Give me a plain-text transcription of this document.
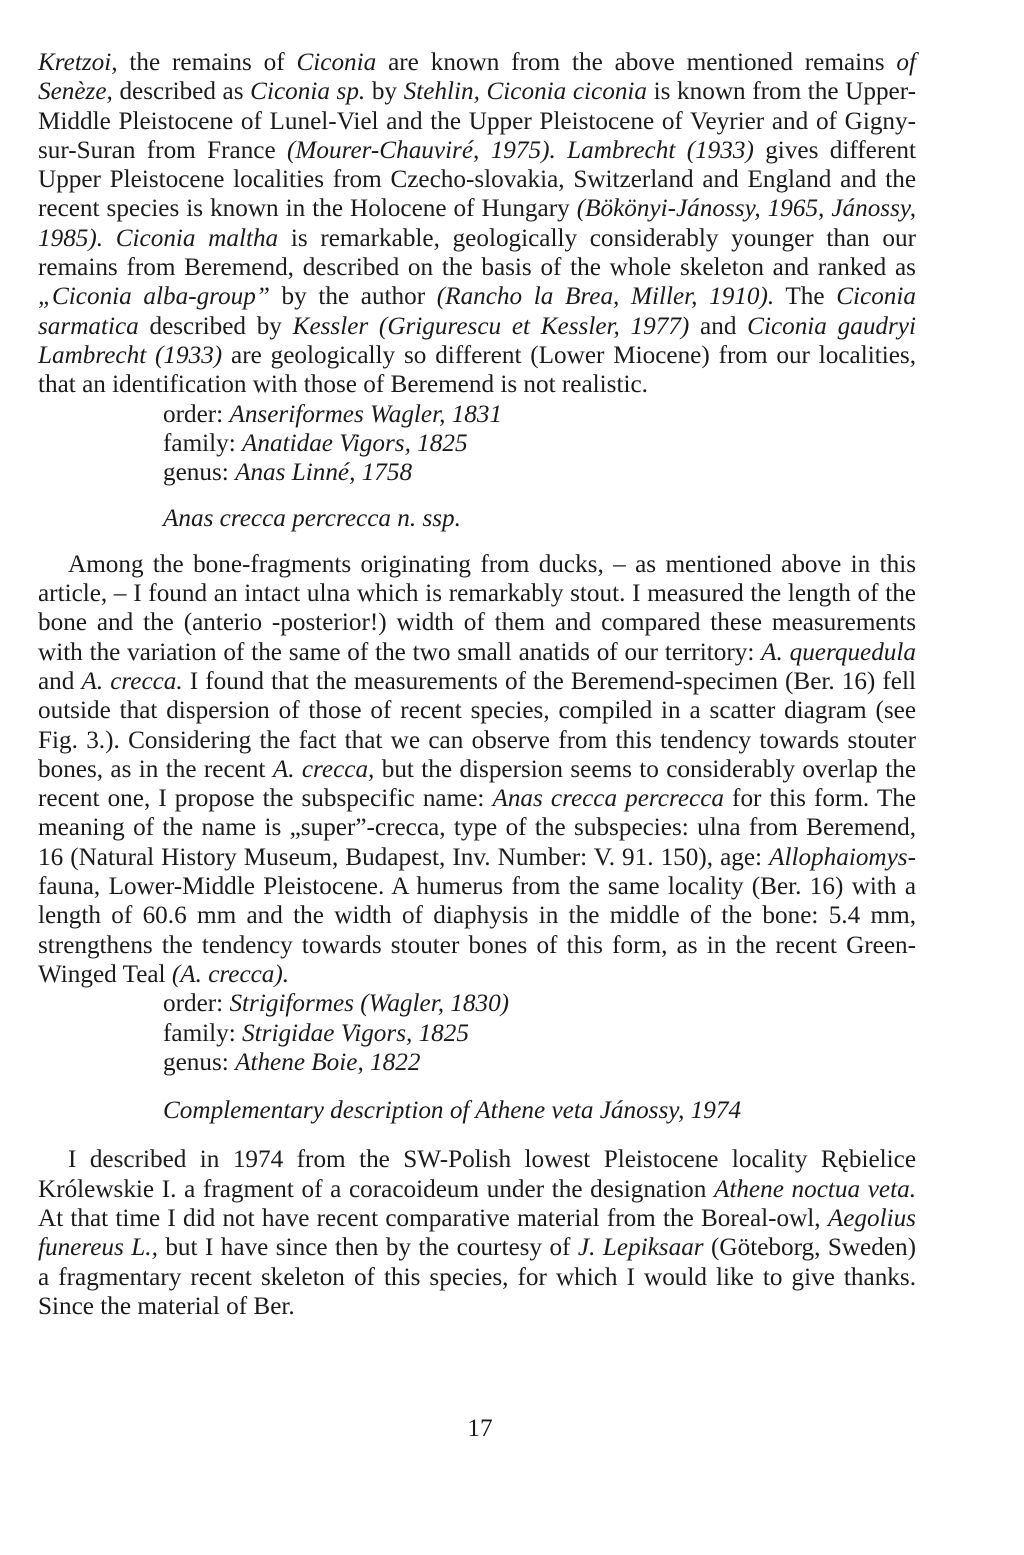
Kretzoi, the remains of Ciconia are known from the above mentioned remains of Senèze, described as Ciconia sp. by Stehlin, Ciconia ciconia is known from the Upper-Middle Pleistocene of Lunel-Viel and the Upper Pleistocene of Veyrier and of Gigny-sur-Suran from France (Mourer-Chauviré, 1975). Lambrecht (1933) gives different Upper Pleistocene localities from Czecho-slovakia, Switzerland and England and the recent species is known in the Holocene of Hungary (Bökönyi-Jánossy, 1965, Jánossy, 1985). Ciconia maltha is remarkable, geologically considerably younger than our remains from Beremend, described on the basis of the whole skeleton and ranked as „Ciconia alba-group” by the author (Rancho la Brea, Miller, 1910). The Ciconia sarmatica described by Kessler (Grigurescu et Kessler, 1977) and Ciconia gaudryi Lambrecht (1933) are geologically so different (Lower Miocene) from our localities, that an identification with those of Beremend is not realistic.

order: Anseriformes Wagler, 1831

family: Anatidae Vigors, 1825

genus: Anas Linné, 1758

Anas crecca percrecca n. ssp.

Among the bone-fragments originating from ducks, – as mentioned above in this article, – I found an intact ulna which is remarkably stout. I measured the length of the bone and the (anterio -posterior!) width of them and compared these measurements with the variation of the same of the two small anatids of our territory: A. querquedula and A. crecca. I found that the measurements of the Beremend-specimen (Ber. 16) fell outside that dispersion of those of recent species, compiled in a scatter diagram (see Fig. 3.). Considering the fact that we can observe from this tendency towards stouter bones, as in the recent A. crecca, but the dispersion seems to considerably overlap the recent one, I propose the subspecific name: Anas crecca percrecca for this form. The meaning of the name is „super”-crecca, type of the subspecies: ulna from Beremend, 16 (Natural History Museum, Budapest, Inv. Number: V. 91. 150), age: Allophaiomys-fauna, Lower-Middle Pleistocene. A humerus from the same locality (Ber. 16) with a length of 60.6 mm and the width of diaphysis in the middle of the bone: 5.4 mm, strengthens the tendency towards stouter bones of this form, as in the recent Green-Winged Teal (A. crecca).

order: Strigiformes (Wagler, 1830)

family: Strigidae Vigors, 1825

genus: Athene Boie, 1822

Complementary description of Athene veta Jánossy, 1974

I described in 1974 from the SW-Polish lowest Pleistocene locality Rębielice Królewskie I. a fragment of a coracoideum under the designation Athene noctua veta. At that time I did not have recent comparative material from the Boreal-owl, Aegolius funereus L., but I have since then by the courtesy of J. Lepiksaar (Göteborg, Sweden) a fragmentary recent skeleton of this species, for which I would like to give thanks. Since the material of Ber.

17
